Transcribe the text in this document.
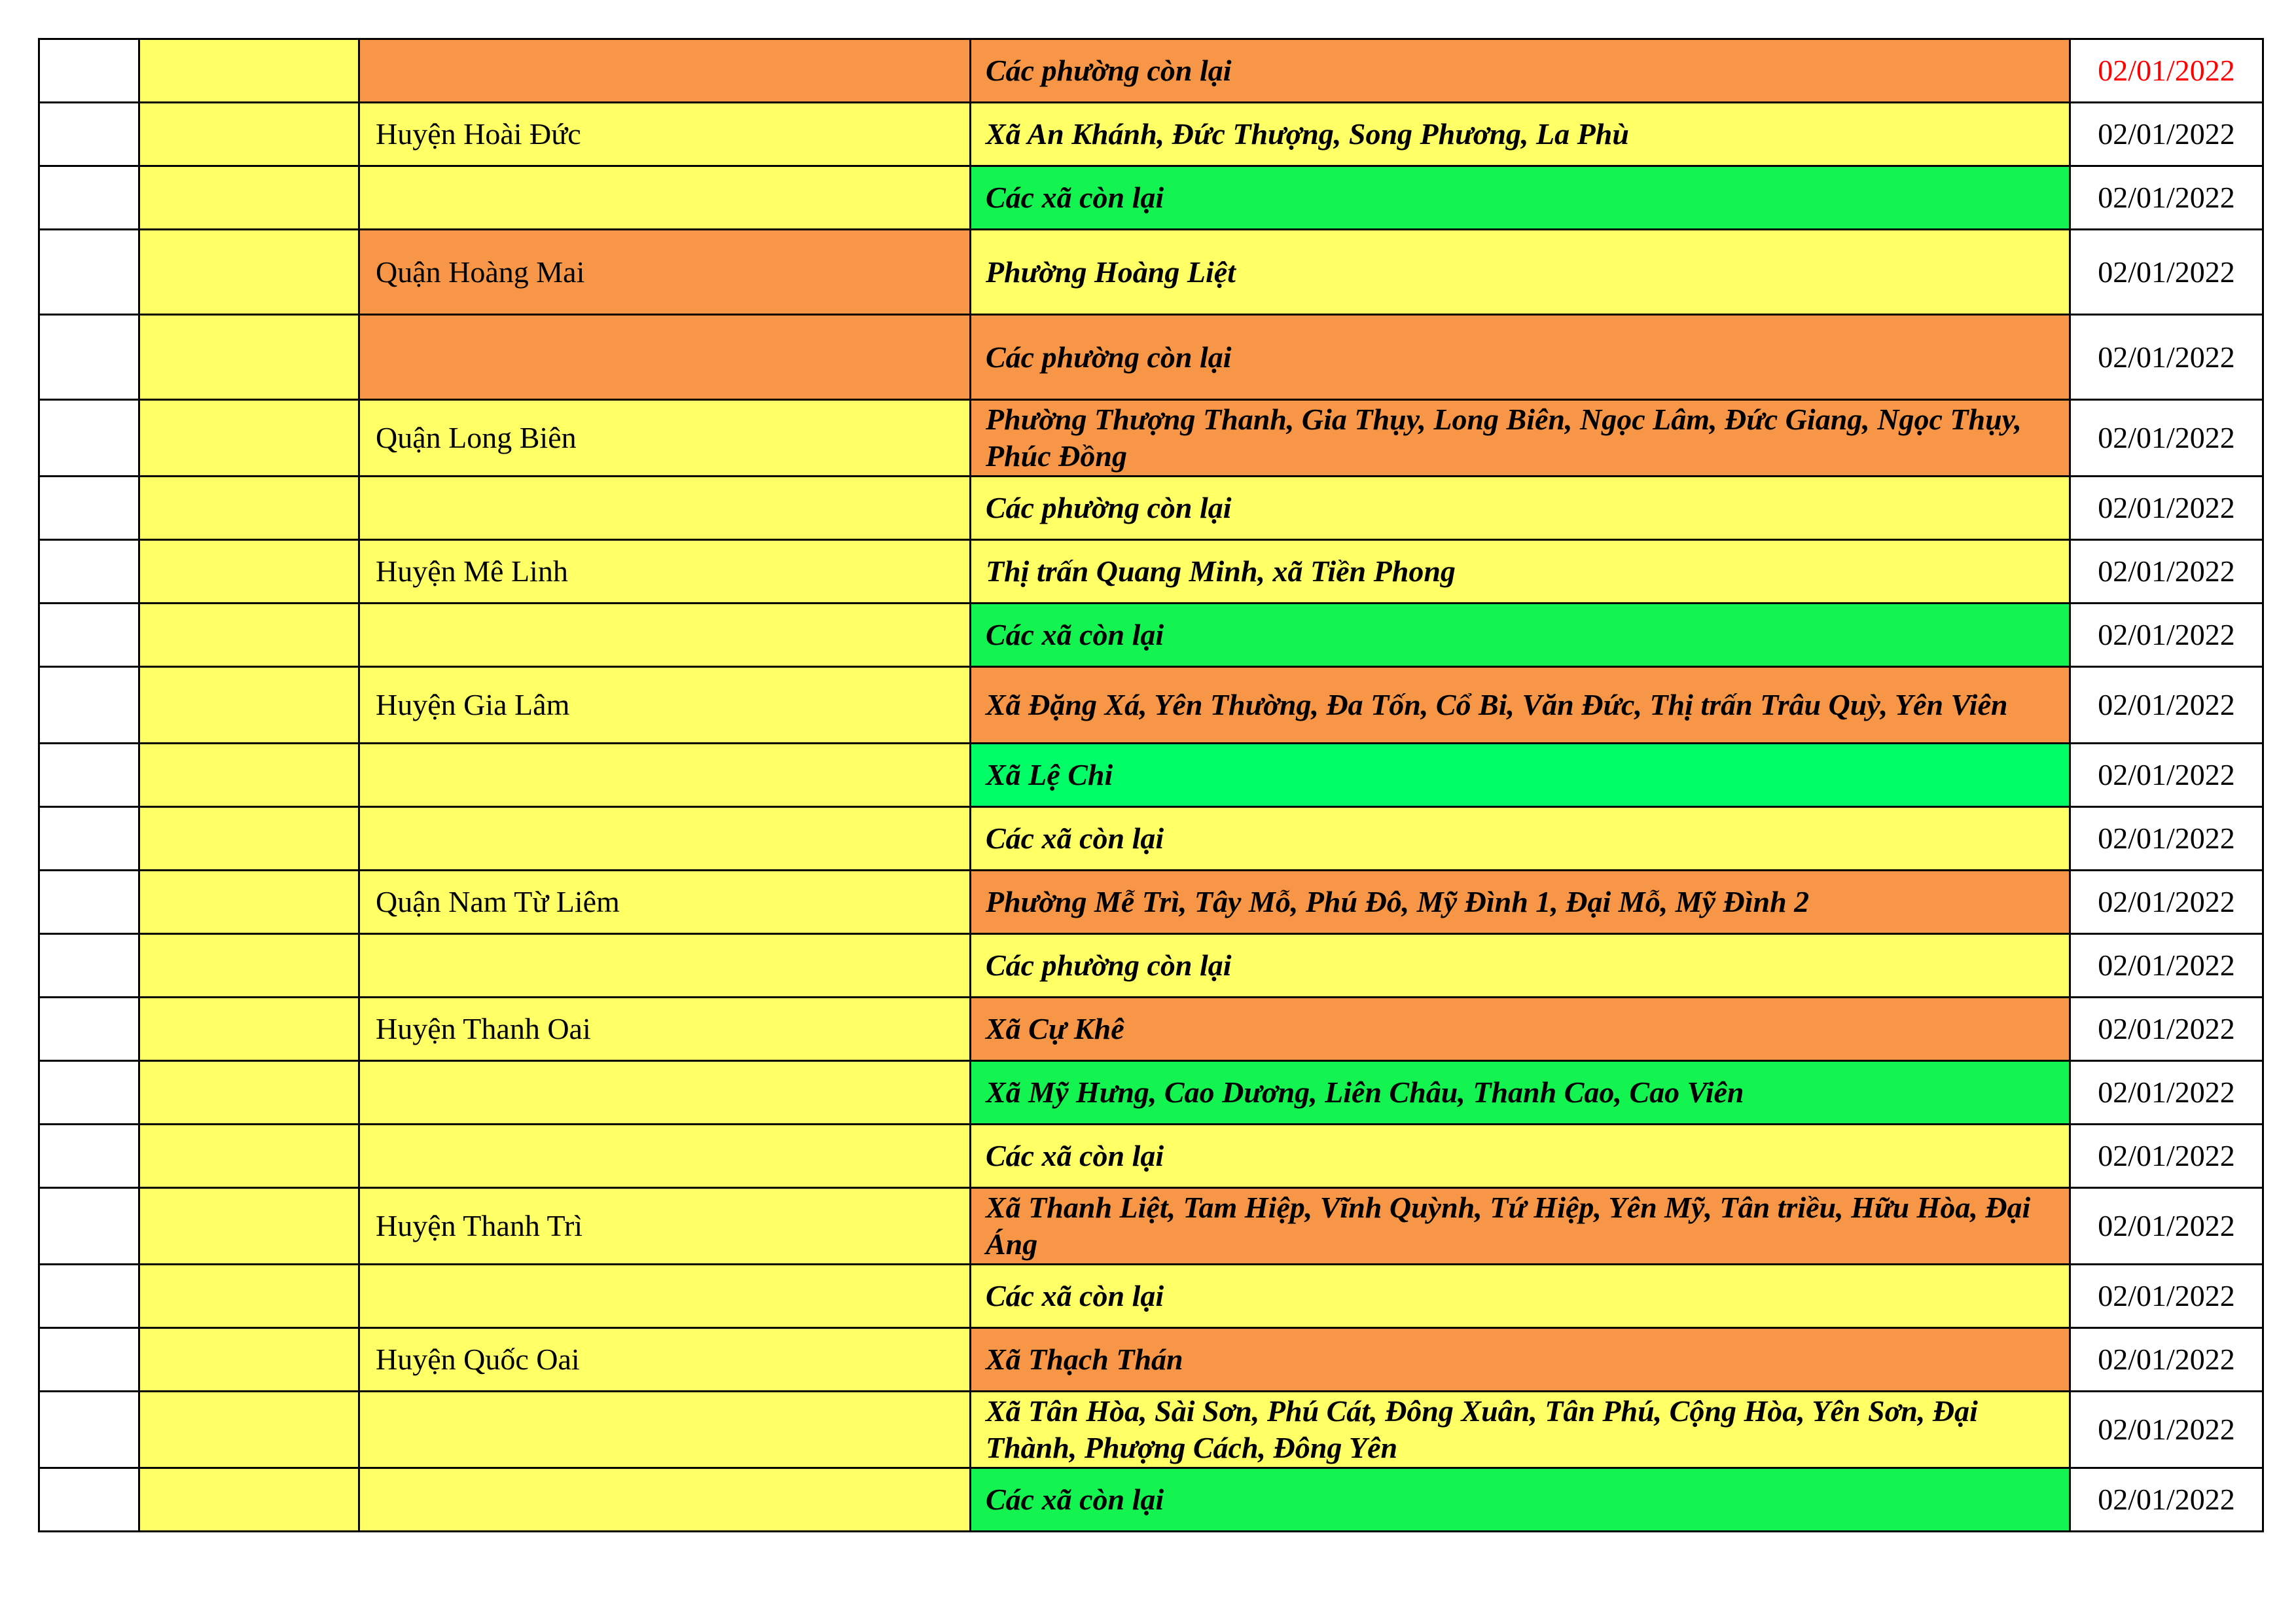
			Các phường còn lại	02/01/2022
		Huyện Hoài Đức	Xã An Khánh, Đức Thượng, Song Phương, La Phù	02/01/2022
			Các xã còn lại	02/01/2022
		Quận Hoàng Mai	Phường Hoàng Liệt	02/01/2022
			Các phường còn lại	02/01/2022
		Quận Long Biên	Phường Thượng Thanh, Gia Thụy, Long Biên, Ngọc Lâm, Đức Giang, Ngọc Thụy, Phúc Đồng	02/01/2022
			Các phường còn lại	02/01/2022
		Huyện Mê Linh	Thị trấn Quang Minh, xã Tiền Phong	02/01/2022
			Các xã còn lại	02/01/2022
		Huyện Gia Lâm	Xã Đặng Xá, Yên Thường, Đa Tốn, Cổ Bi, Văn Đức, Thị trấn Trâu Quỳ, Yên Viên	02/01/2022
			Xã Lệ Chi	02/01/2022
			Các xã còn lại	02/01/2022
		Quận Nam Từ Liêm	Phường Mễ Trì, Tây Mỗ, Phú Đô, Mỹ Đình 1, Đại Mỗ, Mỹ Đình 2	02/01/2022
			Các phường còn lại	02/01/2022
		Huyện Thanh Oai	Xã Cự Khê	02/01/2022
			Xã Mỹ Hưng, Cao Dương, Liên Châu, Thanh Cao, Cao Viên	02/01/2022
			Các xã còn lại	02/01/2022
		Huyện Thanh Trì	Xã Thanh Liệt, Tam Hiệp, Vĩnh Quỳnh, Tứ Hiệp, Yên Mỹ, Tân triều, Hữu Hòa, Đại Áng	02/01/2022
			Các xã còn lại	02/01/2022
		Huyện Quốc Oai	Xã Thạch Thán	02/01/2022
			Xã Tân Hòa, Sài Sơn, Phú Cát, Đông Xuân, Tân Phú, Cộng Hòa, Yên Sơn, Đại Thành, Phượng Cách, Đông Yên	02/01/2022
			Các xã còn lại	02/01/2022
